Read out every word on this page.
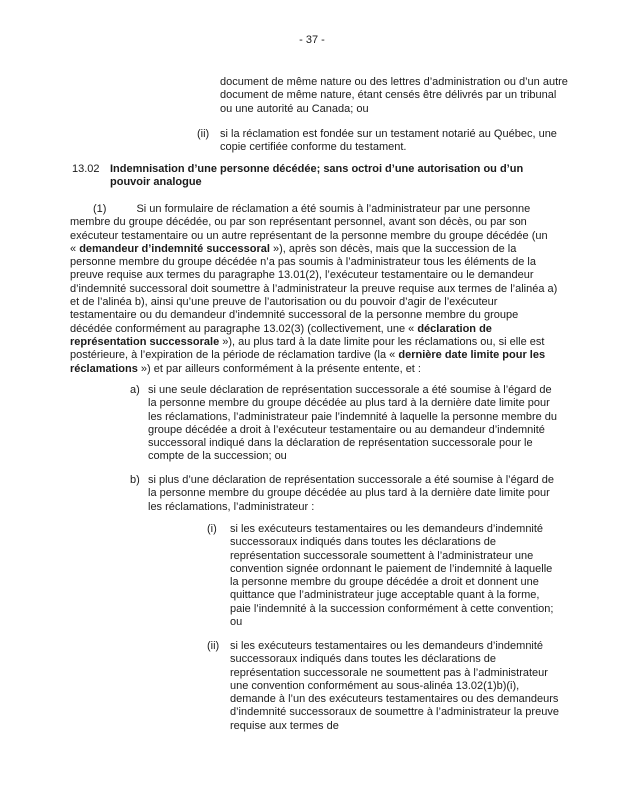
- 37 -
document de même nature ou des lettres d’administration ou d’un autre document de même nature, étant censés être délivrés par un tribunal ou une autorité au Canada; ou
(ii) si la réclamation est fondée sur un testament notarié au Québec, une copie certifiée conforme du testament.
13.02 Indemnisation d’une personne décédée; sans octroi d’une autorisation ou d’un pouvoir analogue
(1)	Si un formulaire de réclamation a été soumis à l’administrateur par une personne membre du groupe décédée, ou par son représentant personnel, avant son décès, ou par son exécuteur testamentaire ou un autre représentant de la personne membre du groupe décédée (un « demandeur d’indemnité successoral »), après son décès, mais que la succession de la personne membre du groupe décédée n’a pas soumis à l’administrateur tous les éléments de la preuve requise aux termes du paragraphe 13.01(2), l’exécuteur testamentaire ou le demandeur d’indemnité successoral doit soumettre à l’administrateur la preuve requise aux termes de l’alinéa a) et de l’alinéa b), ainsi qu’une preuve de l’autorisation ou du pouvoir d’agir de l’exécuteur testamentaire ou du demandeur d’indemnité successoral de la personne membre du groupe décédée conformément au paragraphe 13.02(3) (collectivement, une « déclaration de représentation successorale »), au plus tard à la date limite pour les réclamations ou, si elle est postérieure, à l’expiration de la période de réclamation tardive (la « dernière date limite pour les réclamations ») et par ailleurs conformément à la présente entente, et :
a) si une seule déclaration de représentation successorale a été soumise à l’égard de la personne membre du groupe décédée au plus tard à la dernière date limite pour les réclamations, l’administrateur paie l’indemnité à laquelle la personne membre du groupe décédée a droit à l’exécuteur testamentaire ou au demandeur d’indemnité successoral indiqué dans la déclaration de représentation successorale pour le compte de la succession; ou
b) si plus d’une déclaration de représentation successorale a été soumise à l’égard de la personne membre du groupe décédée au plus tard à la dernière date limite pour les réclamations, l’administrateur :
(i)	si les exécuteurs testamentaires ou les demandeurs d’indemnité successoraux indiqués dans toutes les déclarations de représentation successorale soumettent à l’administrateur une convention signée ordonnant le paiement de l’indemnité à laquelle la personne membre du groupe décédée a droit et donnent une quittance que l’administrateur juge acceptable quant à la forme, paie l’indemnité à la succession conformément à cette convention; ou
(ii) si les exécuteurs testamentaires ou les demandeurs d’indemnité successoraux indiqués dans toutes les déclarations de représentation successorale ne soumettent pas à l’administrateur une convention conformément au sous-alinéa 13.02(1)b)(i), demande à l’un des exécuteurs testamentaires ou des demandeurs d’indemnité successoraux de soumettre à l’administrateur la preuve requise aux termes de
